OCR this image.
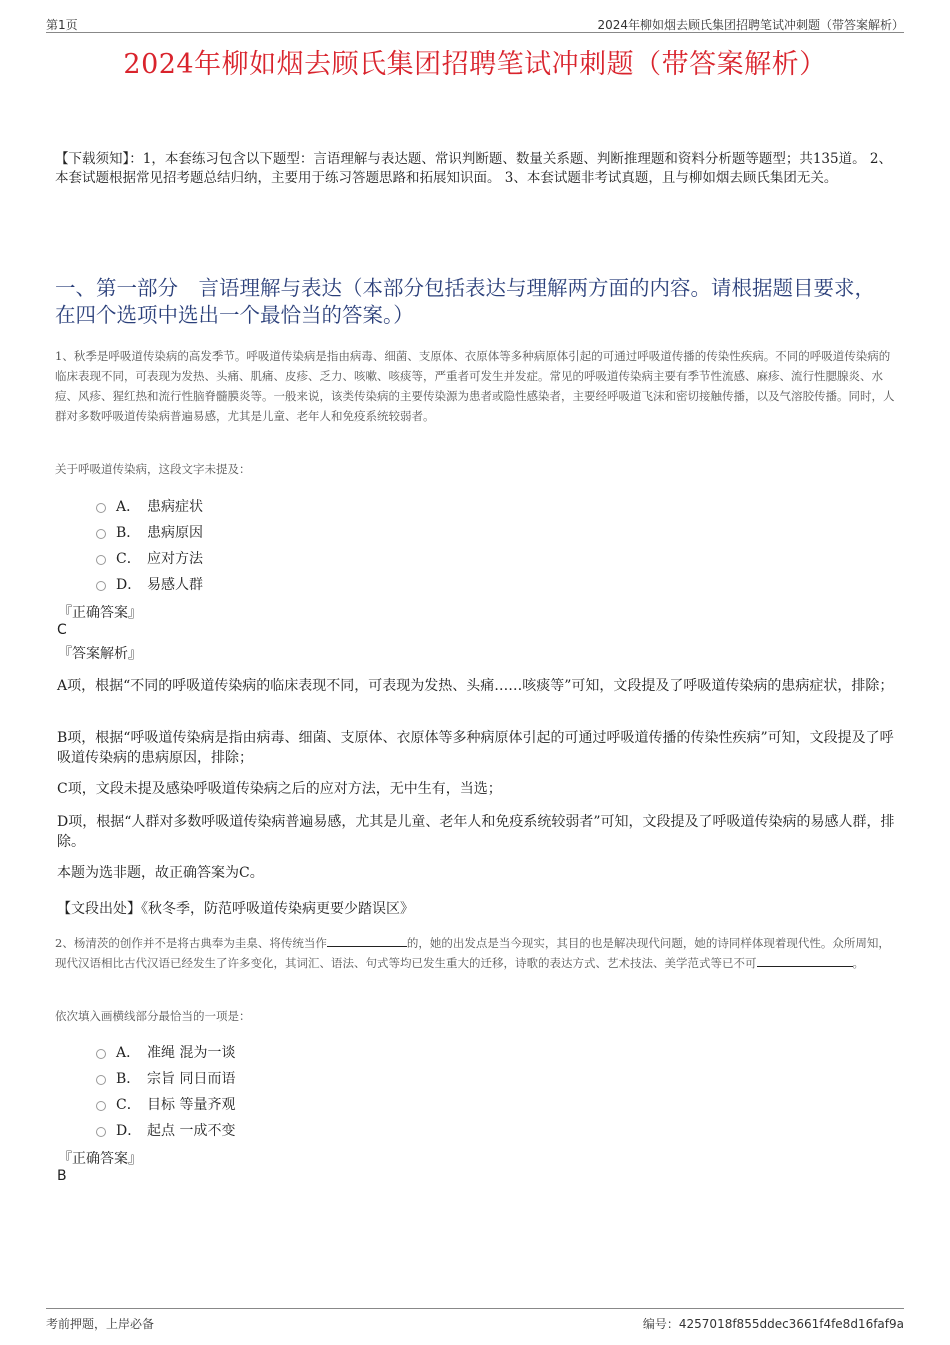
第1页	2024年柳如烟去顾氏集团招聘笔试冲刺题（带答案解析）
2024年柳如烟去顾氏集团招聘笔试冲刺题（带答案解析）
【下载须知】：1，本套练习包含以下题型：言语理解与表达题、常识判断题、数量关系题、判断推理题和资料分析题等题型；共135道。 2、本套试题根据常见招考题总结归纳，主要用于练习答题思路和拓展知识面。 3、本套试题非考试真题，且与柳如烟去顾氏集团无关。
一、第一部分　言语理解与表达（本部分包括表达与理解两方面的内容。请根据题目要求，在四个选项中选出一个最恰当的答案。）
1、秋季是呼吸道传染病的高发季节。呼吸道传染病是指由病毒、细菌、支原体、衣原体等多种病原体引起的可通过呼吸道传播的传染性疾病。不同的呼吸道传染病的临床表现不同，可表现为发热、头痛、肌痛、皮疹、乏力、咳嗽、咳痰等，严重者可发生并发症。常见的呼吸道传染病主要有季节性流感、麻疹、流行性腮腺炎、水痘、风疹、猩红热和流行性脑脊髓膜炎等。一般来说，该类传染病的主要传染源为患者或隐性感染者，主要经呼吸道飞沫和密切接触传播，以及气溶胶传播。同时，人群对多数呼吸道传染病普遍易感，尤其是儿童、老年人和免疫系统较弱者。
关于呼吸道传染病，这段文字未提及：
A． 患病症状
B． 患病原因
C． 应对方法
D． 易感人群
『正确答案』
C
『答案解析』
A项，根据“不同的呼吸道传染病的临床表现不同，可表现为发热、头痛……咳痰等”可知，文段提及了呼吸道传染病的患病症状，排除；
B项，根据“呼吸道传染病是指由病毒、细菌、支原体、衣原体等多种病原体引起的可通过呼吸道传播的传染性疾病”可知，文段提及了呼吸道传染病的患病原因，排除；
C项，文段未提及感染呼吸道传染病之后的应对方法，无中生有，当选；
D项，根据“人群对多数呼吸道传染病普遍易感，尤其是儿童、老年人和免疫系统较弱者”可知，文段提及了呼吸道传染病的易感人群，排除。
本题为选非题，故正确答案为C。
【文段出处】《秋冬季，防范呼吸道传染病更要少踏误区》
2、杨清茨的创作并不是将古典奉为圭臬、将传统当作	的，她的出发点是当今现实，其目的也是解决现代问题，她的诗同样体现着现代性。众所周知，现代汉语相比古代汉语已经发生了许多变化，其词汇、语法、句式等均已发生重大的迁移，诗歌的表达方式、艺术技法、美学范式等已不可	。
依次填入画横线部分最恰当的一项是：
A． 准绳 混为一谈
B． 宗旨 同日而语
C． 目标 等量齐观
D． 起点 一成不变
『正确答案』
B
考前押题，上岸必备	编号：4257018f855ddec3661f4fe8d16faf9a
